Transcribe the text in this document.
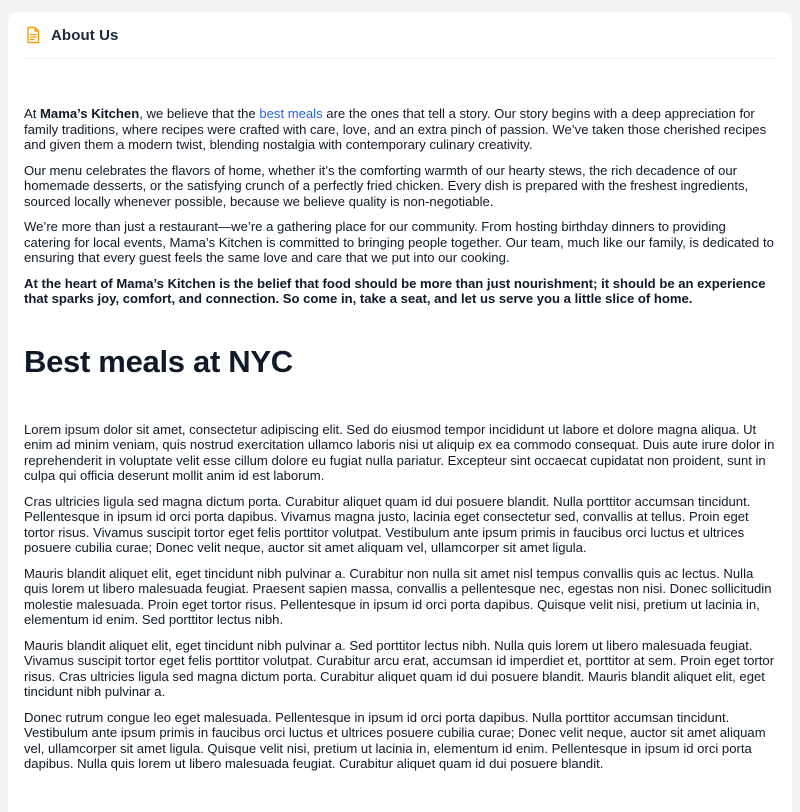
About Us

At Mama’s Kitchen, we believe that the best meals are the ones that tell a story. Our story begins with a deep appreciation for family traditions, where recipes were crafted with care, love, and an extra pinch of passion. We’ve taken those cherished recipes and given them a modern twist, blending nostalgia with contemporary culinary creativity.

Our menu celebrates the flavors of home, whether it’s the comforting warmth of our hearty stews, the rich decadence of our homemade desserts, or the satisfying crunch of a perfectly fried chicken. Every dish is prepared with the freshest ingredients, sourced locally whenever possible, because we believe quality is non-negotiable.

We’re more than just a restaurant—we’re a gathering place for our community. From hosting birthday dinners to providing catering for local events, Mama’s Kitchen is committed to bringing people together. Our team, much like our family, is dedicated to ensuring that every guest feels the same love and care that we put into our cooking.

At the heart of Mama’s Kitchen is the belief that food should be more than just nourishment; it should be an experience that sparks joy, comfort, and connection. So come in, take a seat, and let us serve you a little slice of home.

Best meals at NYC

Lorem ipsum dolor sit amet, consectetur adipiscing elit. Sed do eiusmod tempor incididunt ut labore et dolore magna aliqua. Ut enim ad minim veniam, quis nostrud exercitation ullamco laboris nisi ut aliquip ex ea commodo consequat. Duis aute irure dolor in reprehenderit in voluptate velit esse cillum dolore eu fugiat nulla pariatur. Excepteur sint occaecat cupidatat non proident, sunt in culpa qui officia deserunt mollit anim id est laborum.

Cras ultricies ligula sed magna dictum porta. Curabitur aliquet quam id dui posuere blandit. Nulla porttitor accumsan tincidunt. Pellentesque in ipsum id orci porta dapibus. Vivamus magna justo, lacinia eget consectetur sed, convallis at tellus. Proin eget tortor risus. Vivamus suscipit tortor eget felis porttitor volutpat. Vestibulum ante ipsum primis in faucibus orci luctus et ultrices posuere cubilia curae; Donec velit neque, auctor sit amet aliquam vel, ullamcorper sit amet ligula.

Mauris blandit aliquet elit, eget tincidunt nibh pulvinar a. Curabitur non nulla sit amet nisl tempus convallis quis ac lectus. Nulla quis lorem ut libero malesuada feugiat. Praesent sapien massa, convallis a pellentesque nec, egestas non nisi. Donec sollicitudin molestie malesuada. Proin eget tortor risus. Pellentesque in ipsum id orci porta dapibus. Quisque velit nisi, pretium ut lacinia in, elementum id enim. Sed porttitor lectus nibh.

Mauris blandit aliquet elit, eget tincidunt nibh pulvinar a. Sed porttitor lectus nibh. Nulla quis lorem ut libero malesuada feugiat. Vivamus suscipit tortor eget felis porttitor volutpat. Curabitur arcu erat, accumsan id imperdiet et, porttitor at sem. Proin eget tortor risus. Cras ultricies ligula sed magna dictum porta. Curabitur aliquet quam id dui posuere blandit. Mauris blandit aliquet elit, eget tincidunt nibh pulvinar a.

Donec rutrum congue leo eget malesuada. Pellentesque in ipsum id orci porta dapibus. Nulla porttitor accumsan tincidunt. Vestibulum ante ipsum primis in faucibus orci luctus et ultrices posuere cubilia curae; Donec velit neque, auctor sit amet aliquam vel, ullamcorper sit amet ligula. Quisque velit nisi, pretium ut lacinia in, elementum id enim. Pellentesque in ipsum id orci porta dapibus. Nulla quis lorem ut libero malesuada feugiat. Curabitur aliquet quam id dui posuere blandit.
